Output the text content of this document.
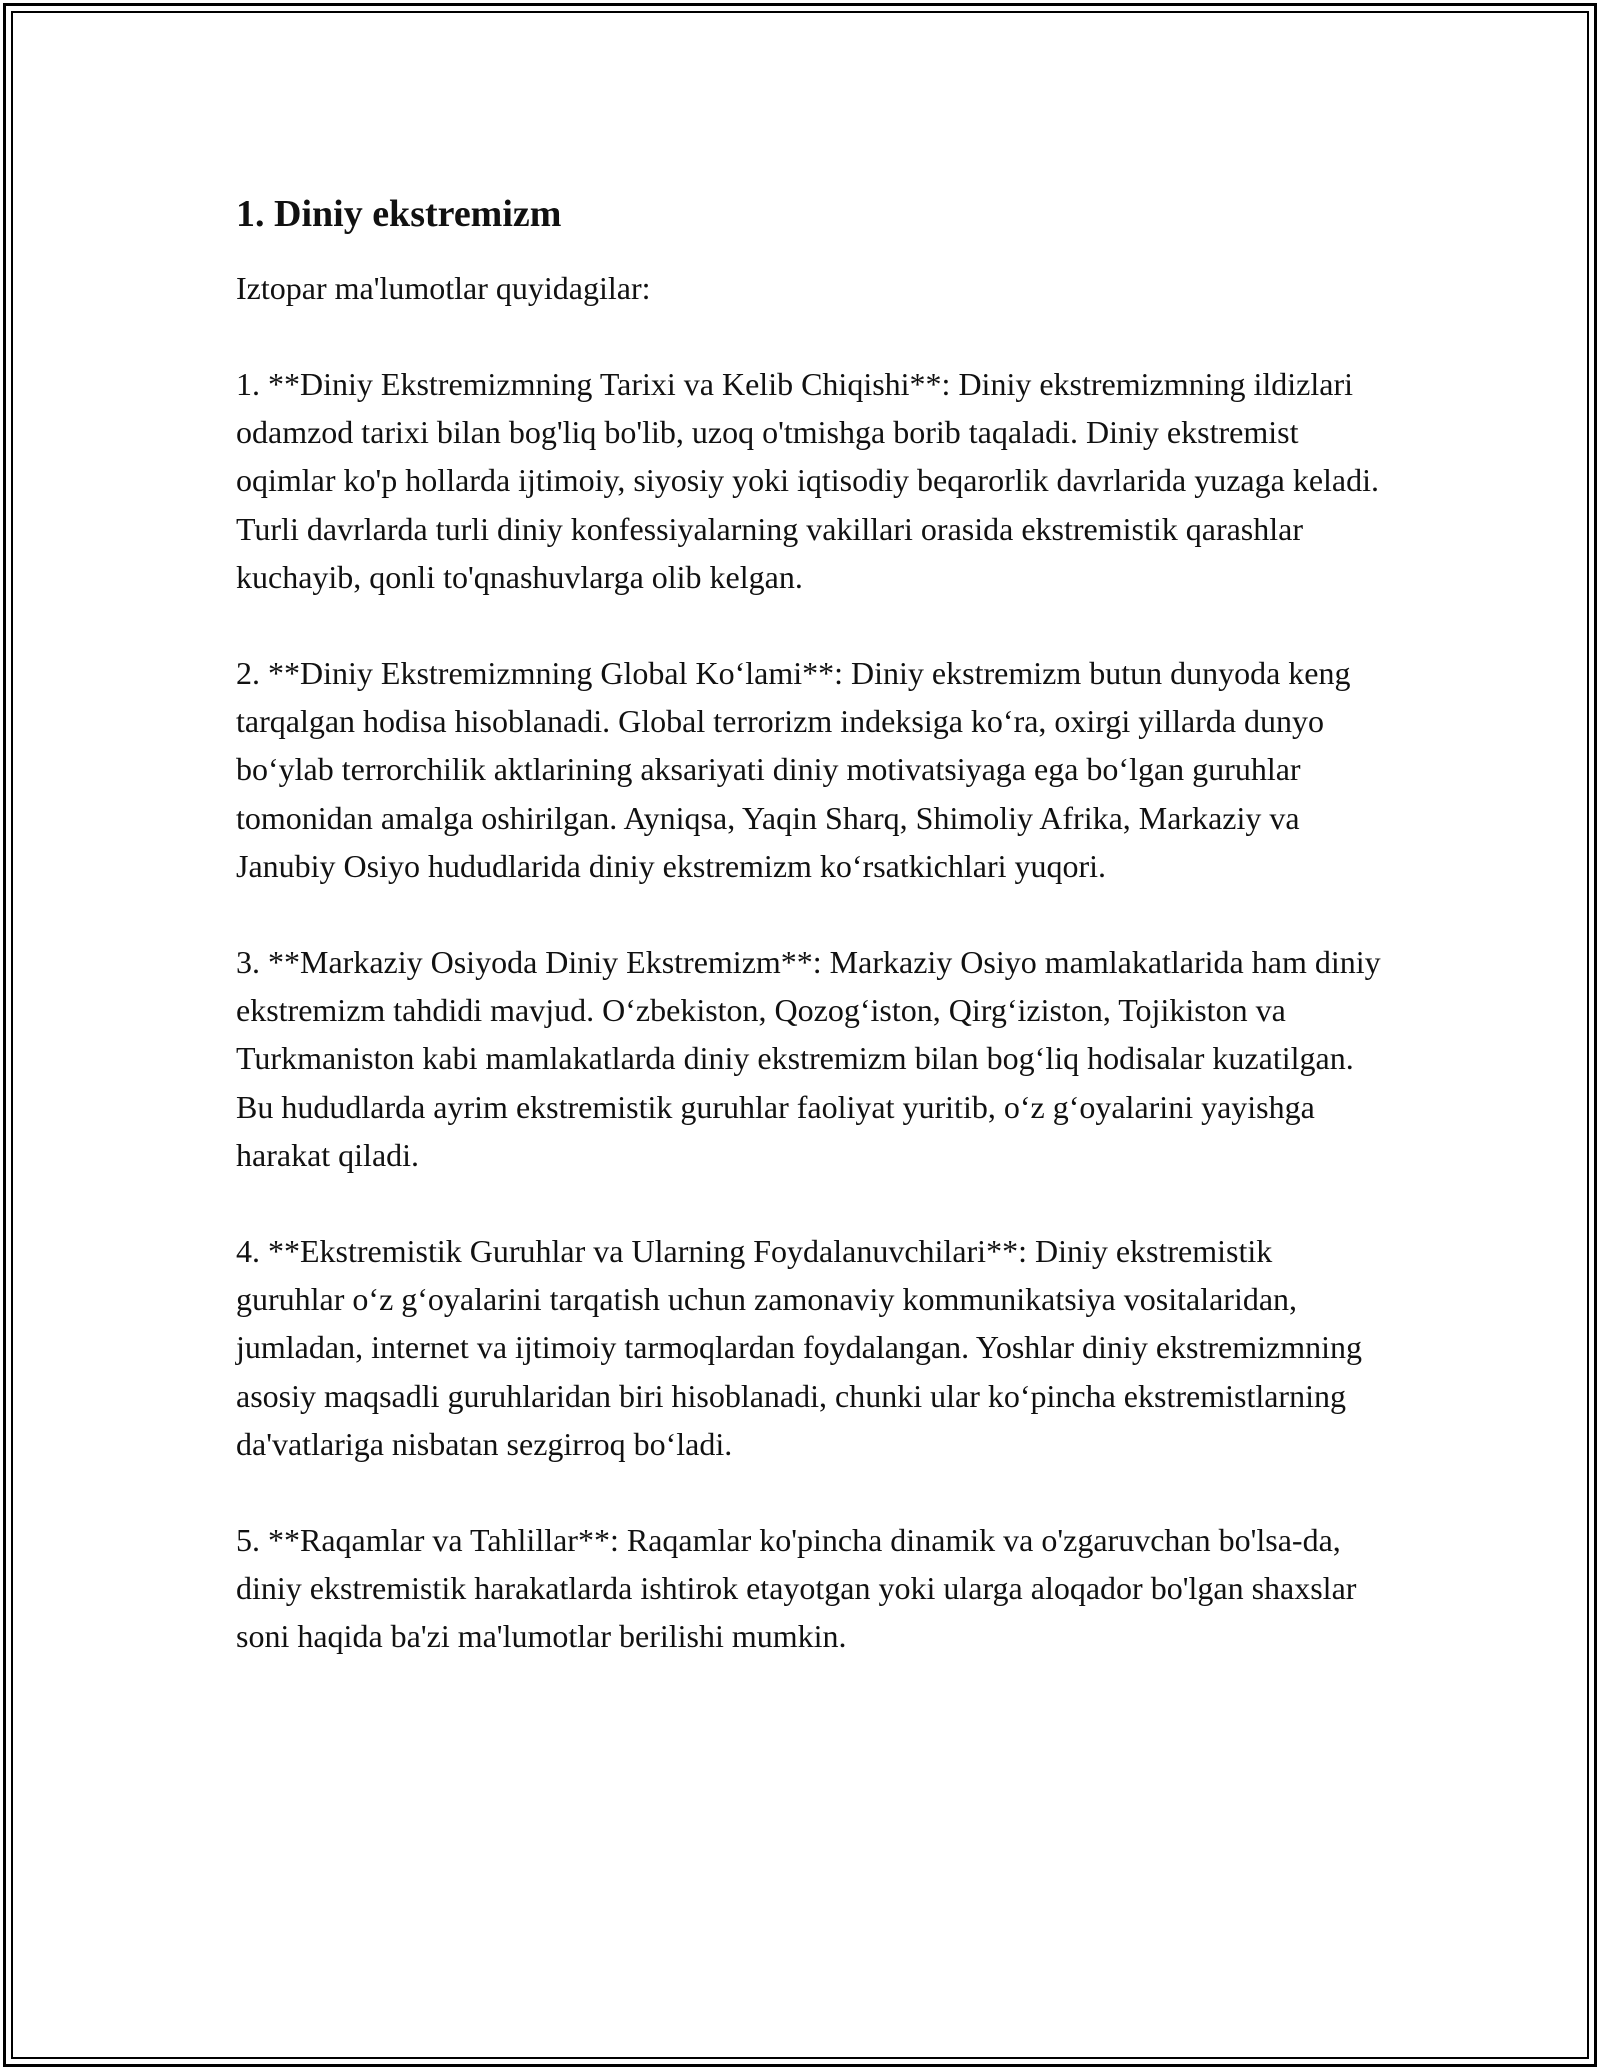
1. Diniy ekstremizm

Iztopar ma'lumotlar quyidagilar:

1. **Diniy Ekstremizmning Tarixi va Kelib Chiqishi**: Diniy ekstremizmning ildizlari odamzod tarixi bilan bog'liq bo'lib, uzoq o'tmishga borib taqaladi. Diniy ekstremist oqimlar ko'p hollarda ijtimoiy, siyosiy yoki iqtisodiy beqarorlik davrlarida yuzaga keladi. Turli davrlarda turli diniy konfessiyalarning vakillari orasida ekstremistik qarashlar kuchayib, qonli to'qnashuvlarga olib kelgan.

2. **Diniy Ekstremizmning Global Ko‘lami**: Diniy ekstremizm butun dunyoda keng tarqalgan hodisa hisoblanadi. Global terrorizm indeksiga ko‘ra, oxirgi yillarda dunyo bo‘ylab terrorchilik aktlarining aksariyati diniy motivatsiyaga ega bo‘lgan guruhlar tomonidan amalga oshirilgan. Ayniqsa, Yaqin Sharq, Shimoliy Afrika, Markaziy va Janubiy Osiyo hududlarida diniy ekstremizm ko‘rsatkichlari yuqori.

3. **Markaziy Osiyoda Diniy Ekstremizm**: Markaziy Osiyo mamlakatlarida ham diniy ekstremizm tahdidi mavjud. O‘zbekiston, Qozog‘iston, Qirg‘iziston, Tojikiston va Turkmaniston kabi mamlakatlarda diniy ekstremizm bilan bog‘liq hodisalar kuzatilgan. Bu hududlarda ayrim ekstremistik guruhlar faoliyat yuritib, o‘z g‘oyalarini yayishga harakat qiladi.

4. **Ekstremistik Guruhlar va Ularning Foydalanuvchilari**: Diniy ekstremistik guruhlar o‘z g‘oyalarini tarqatish uchun zamonaviy kommunikatsiya vositalaridan, jumladan, internet va ijtimoiy tarmoqlardan foydalangan. Yoshlar diniy ekstremizmning asosiy maqsadli guruhlaridan biri hisoblanadi, chunki ular ko‘pincha ekstremistlarning da'vatlariga nisbatan sezgirroq bo‘ladi.

5. **Raqamlar va Tahlillar**: Raqamlar ko'pincha dinamik va o'zgaruvchan bo'lsa-da, diniy ekstremistik harakatlarda ishtirok etayotgan yoki ularga aloqador bo'lgan shaxslar soni haqida ba'zi ma'lumotlar berilishi mumkin.
